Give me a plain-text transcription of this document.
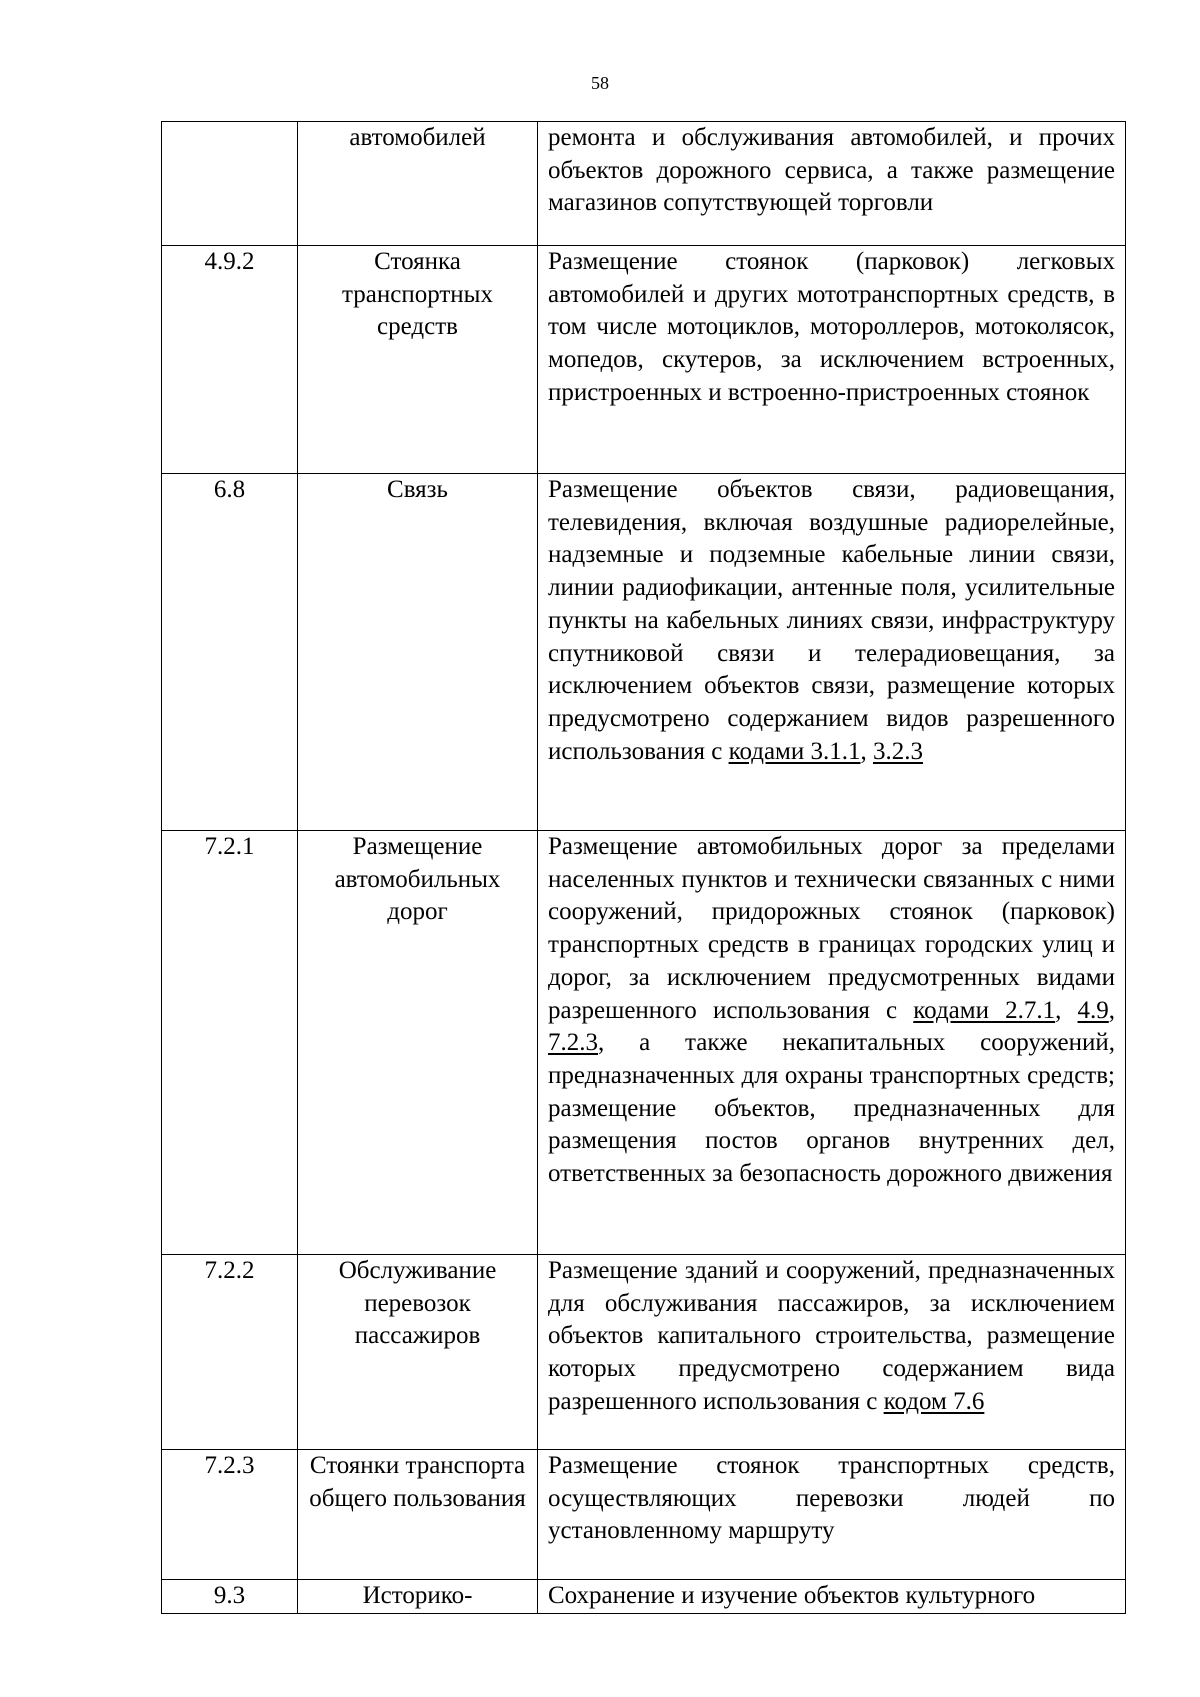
58
	автомобилей	ремонта и обслуживания автомобилей, и прочих объектов дорожного сервиса, а также размещение магазинов сопутствующей торговли
4.9.2	Стоянка транспортных средств	Размещение стоянок (парковок) легковых автомобилей и других мототранспортных средств, в том числе мотоциклов, мотороллеров, мотоколясок, мопедов, скутеров, за исключением встроенных, пристроенных и встроенно-пристроенных стоянок
6.8	Связь	Размещение объектов связи, радиовещания, телевидения, включая воздушные радиорелейные, надземные и подземные кабельные линии связи, линии радиофикации, антенные поля, усилительные пункты на кабельных линиях связи, инфраструктуру спутниковой связи и телерадиовещания, за исключением объектов связи, размещение которых предусмотрено содержанием видов разрешенного использования с кодами 3.1.1, 3.2.3
7.2.1	Размещение автомобильных дорог	Размещение автомобильных дорог за пределами населенных пунктов и технически связанных с ними сооружений, придорожных стоянок (парковок) транспортных средств в границах городских улиц и дорог, за исключением предусмотренных видами разрешенного использования с кодами 2.7.1, 4.9, 7.2.3, а также некапитальных сооружений, предназначенных для охраны транспортных средств; размещение объектов, предназначенных для размещения постов органов внутренних дел, ответственных за безопасность дорожного движения
7.2.2	Обслуживание перевозок пассажиров	Размещение зданий и сооружений, предназначенных для обслуживания пассажиров, за исключением объектов капитального строительства, размещение которых предусмотрено содержанием вида разрешенного использования с кодом 7.6
7.2.3	Стоянки транспорта общего пользования	Размещение стоянок транспортных средств, осуществляющих перевозки людей по установленному маршруту
9.3	Историко-	Сохранение и изучение объектов культурного
